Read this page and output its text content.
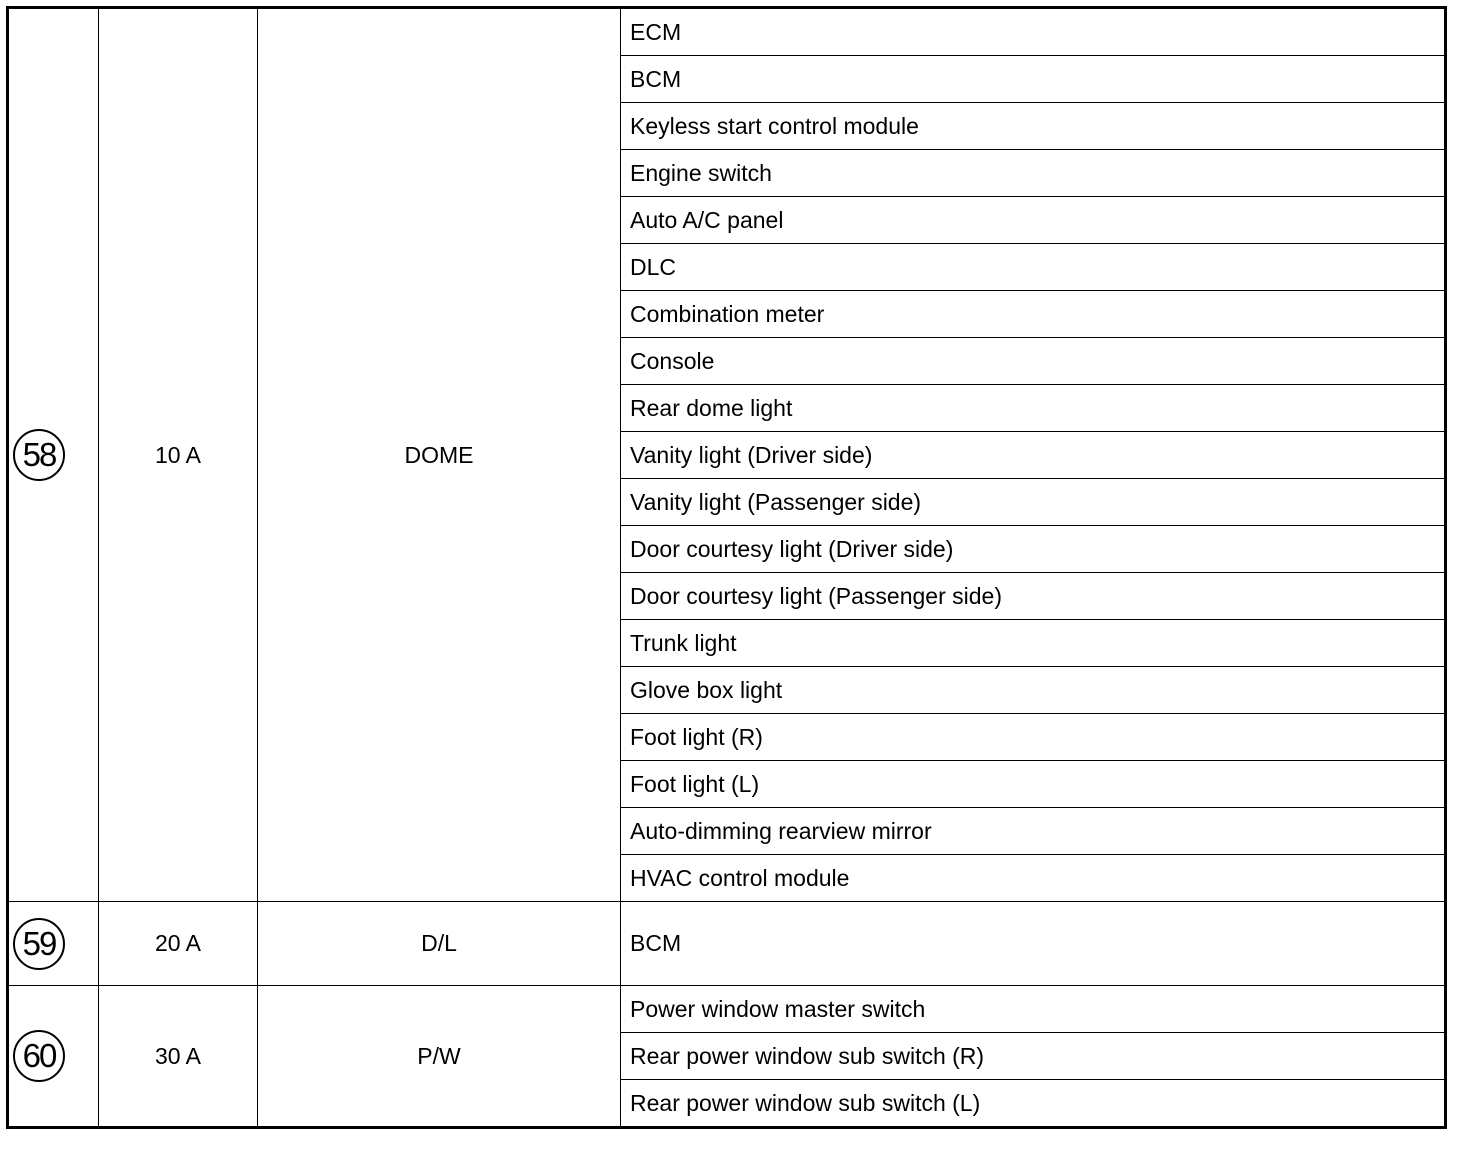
58	10 A	DOME	ECM
			BCM
			Keyless start control module
			Engine switch
			Auto A/C panel
			DLC
			Combination meter
			Console
			Rear dome light
			Vanity light (Driver side)
			Vanity light (Passenger side)
			Door courtesy light (Driver side)
			Door courtesy light (Passenger side)
			Trunk light
			Glove box light
			Foot light (R)
			Foot light (L)
			Auto-dimming rearview mirror
			HVAC control module
59	20 A	D/L	BCM
60	30 A	P/W	Power window master switch
			Rear power window sub switch (R)
			Rear power window sub switch (L)
